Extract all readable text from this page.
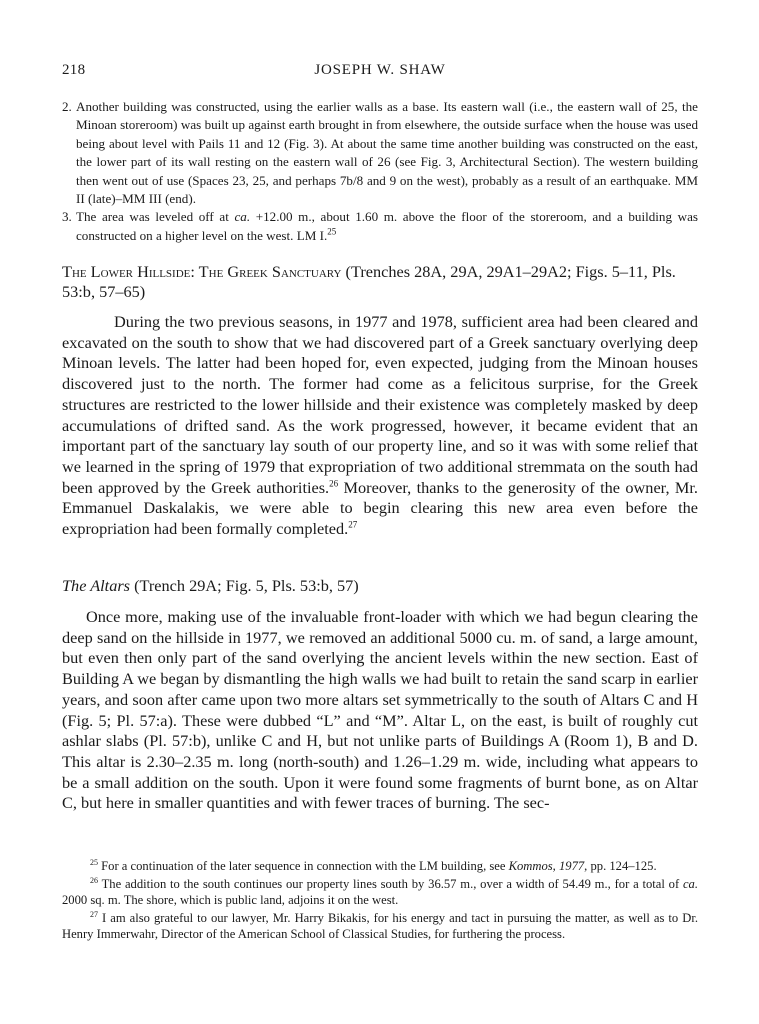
218	JOSEPH W. SHAW
2. Another building was constructed, using the earlier walls as a base. Its eastern wall (i.e., the eastern wall of 25, the Minoan storeroom) was built up against earth brought in from elsewhere, the outside surface when the house was used being about level with Pails 11 and 12 (Fig. 3). At about the same time another building was constructed on the east, the lower part of its wall resting on the eastern wall of 26 (see Fig. 3, Architectural Section). The western building then went out of use (Spaces 23, 25, and perhaps 7b/8 and 9 on the west), probably as a result of an earthquake. MM II (late)–MM III (end).
3. The area was leveled off at ca. +12.00 m., about 1.60 m. above the floor of the storeroom, and a building was constructed on a higher level on the west. LM I.$^{25}$
The Lower Hillside: The Greek Sanctuary (Trenches 28A, 29A, 29A1–29A2; Figs. 5–11, Pls. 53:b, 57–65)

During the two previous seasons, in 1977 and 1978, sufficient area had been cleared and excavated on the south to show that we had discovered part of a Greek sanctuary overlying deep Minoan levels. The latter had been hoped for, even expected, judging from the Minoan houses discovered just to the north. The former had come as a felicitous surprise, for the Greek structures are restricted to the lower hillside and their existence was completely masked by deep accumulations of drifted sand. As the work progressed, however, it became evident that an important part of the sanctuary lay south of our property line, and so it was with some relief that we learned in the spring of 1979 that expropriation of two additional stremmata on the south had been approved by the Greek authorities.$^{26}$ Moreover, thanks to the generosity of the owner, Mr. Emmanuel Daskalakis, we were able to begin clearing this new area even before the expropriation had been formally completed.$^{27}$

The Altars (Trench 29A; Fig. 5, Pls. 53:b, 57)

Once more, making use of the invaluable front-loader with which we had begun clearing the deep sand on the hillside in 1977, we removed an additional 5000 cu. m. of sand, a large amount, but even then only part of the sand overlying the ancient levels within the new section. East of Building A we began by dismantling the high walls we had built to retain the sand scarp in earlier years, and soon after came upon two more altars set symmetrically to the south of Altars C and H (Fig. 5; Pl. 57:a). These were dubbed “L” and “M”. Altar L, on the east, is built of roughly cut ashlar slabs (Pl. 57:b), unlike C and H, but not unlike parts of Buildings A (Room 1), B and D. This altar is 2.30–2.35 m. long (north-south) and 1.26–1.29 m. wide, including what appears to be a small addition on the south. Upon it were found some fragments of burnt bone, as on Altar C, but here in smaller quantities and with fewer traces of burning. The sec-

$^{25}$ For a continuation of the later sequence in connection with the LM building, see Kommos, 1977, pp. 124–125.

$^{26}$ The addition to the south continues our property lines south by 36.57 m., over a width of 54.49 m., for a total of ca. 2000 sq. m. The shore, which is public land, adjoins it on the west.

$^{27}$ I am also grateful to our lawyer, Mr. Harry Bikakis, for his energy and tact in pursuing the matter, as well as to Dr. Henry Immerwahr, Director of the American School of Classical Studies, for furthering the process.
